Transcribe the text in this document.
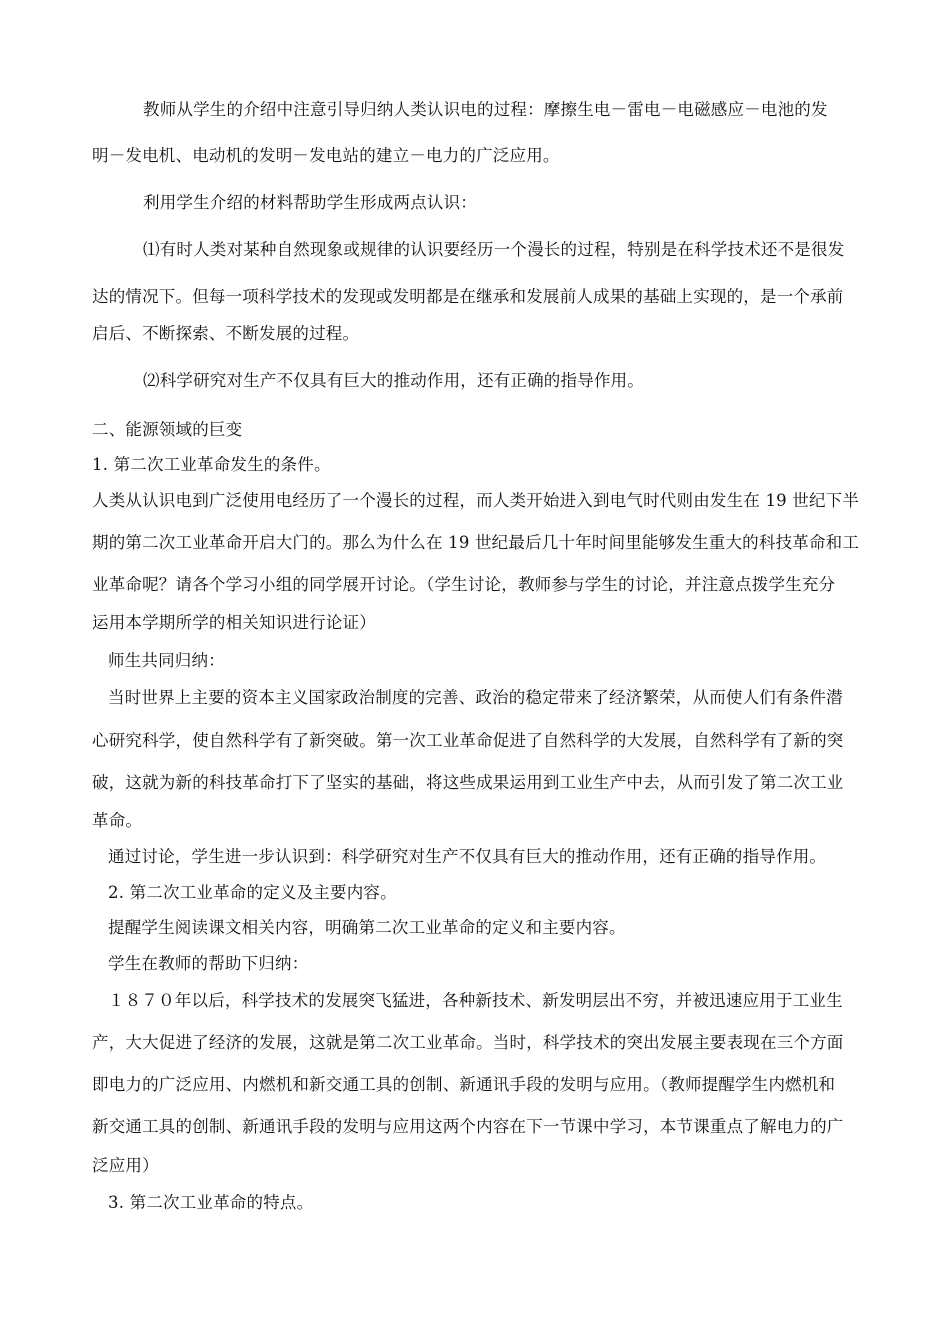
教师从学生的介绍中注意引导归纳人类认识电的过程：摩擦生电－雷电－电磁感应－电池的发
明－发电机、电动机的发明－发电站的建立－电力的广泛应用。
利用学生介绍的材料帮助学生形成两点认识：
⑴有时人类对某种自然现象或规律的认识要经历一个漫长的过程，特别是在科学技术还不是很发
达的情况下。但每一项科学技术的发现或发明都是在继承和发展前人成果的基础上实现的，是一个承前
启后、不断探索、不断发展的过程。
⑵科学研究对生产不仅具有巨大的推动作用，还有正确的指导作用。
二、能源领域的巨变
1. 第二次工业革命发生的条件。
人类从认识电到广泛使用电经历了一个漫长的过程，而人类开始进入到电气时代则由发生在 19 世纪下半
期的第二次工业革命开启大门的。那么为什么在 19 世纪最后几十年时间里能够发生重大的科技革命和工
业革命呢？请各个学习小组的同学展开讨论。（学生讨论，教师参与学生的讨论，并注意点拨学生充分
运用本学期所学的相关知识进行论证）
师生共同归纳：
当时世界上主要的资本主义国家政治制度的完善、政治的稳定带来了经济繁荣，从而使人们有条件潜
心研究科学，使自然科学有了新突破。第一次工业革命促进了自然科学的大发展，自然科学有了新的突
破，这就为新的科技革命打下了坚实的基础，将这些成果运用到工业生产中去，从而引发了第二次工业
革命。
通过讨论，学生进一步认识到：科学研究对生产不仅具有巨大的推动作用，还有正确的指导作用。
2. 第二次工业革命的定义及主要内容。
提醒学生阅读课文相关内容，明确第二次工业革命的定义和主要内容。
学生在教师的帮助下归纳：
１８７０年以后，科学技术的发展突飞猛进，各种新技术、新发明层出不穷，并被迅速应用于工业生
产，大大促进了经济的发展，这就是第二次工业革命。当时，科学技术的突出发展主要表现在三个方面
即电力的广泛应用、内燃机和新交通工具的创制、新通讯手段的发明与应用。（教师提醒学生内燃机和
新交通工具的创制、新通讯手段的发明与应用这两个内容在下一节课中学习，本节课重点了解电力的广
泛应用）
3. 第二次工业革命的特点。
